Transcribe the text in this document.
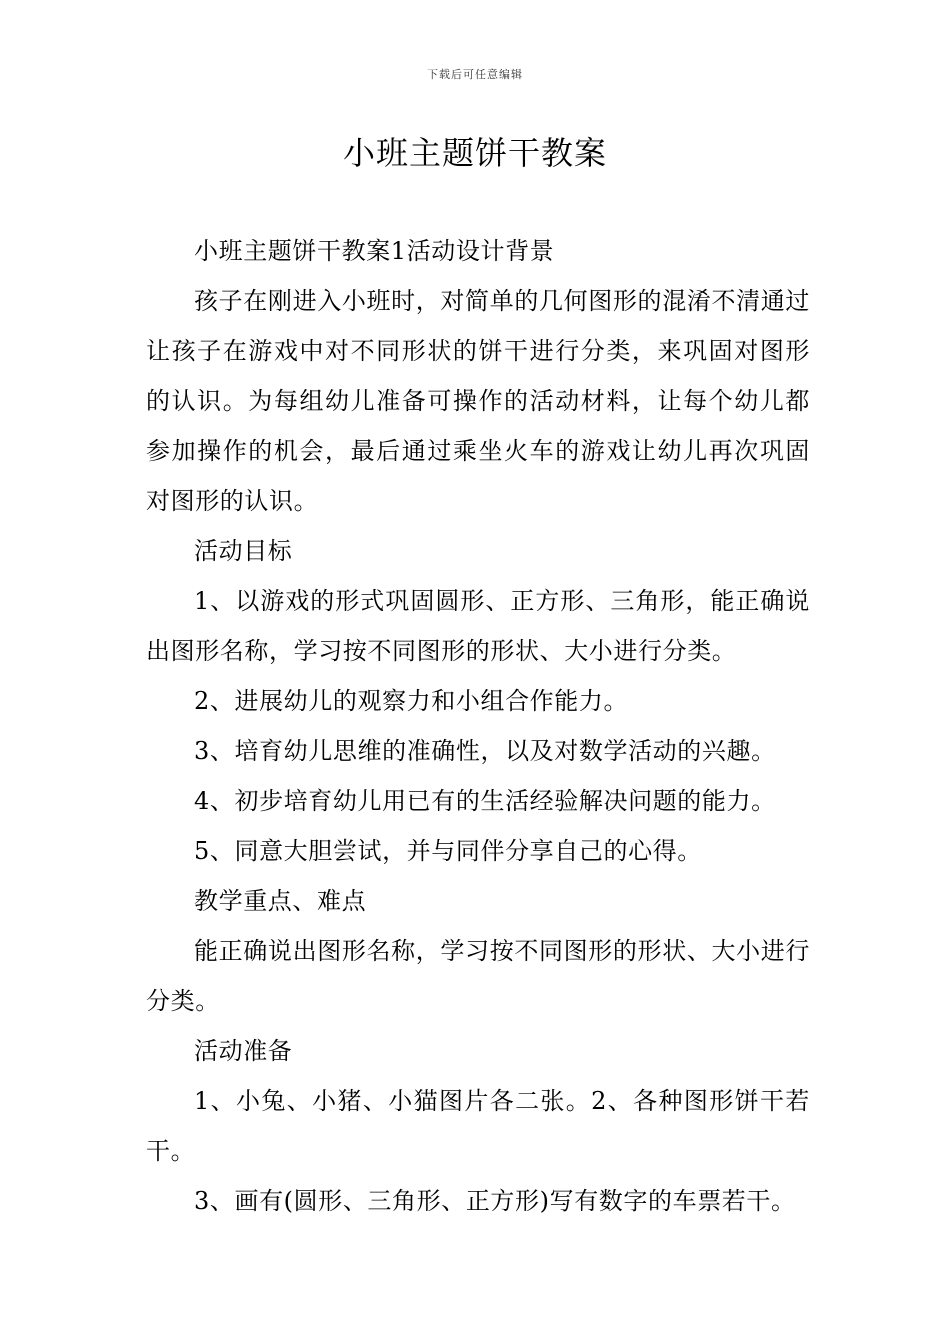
下载后可任意编辑
小班主题饼干教案

小班主题饼干教案1活动设计背景

孩子在刚进入小班时，对简单的几何图形的混淆不清通过让孩子在游戏中对不同形状的饼干进行分类，来巩固对图形的认识。为每组幼儿准备可操作的活动材料，让每个幼儿都参加操作的机会，最后通过乘坐火车的游戏让幼儿再次巩固对图形的认识。

活动目标

1、以游戏的形式巩固圆形、正方形、三角形，能正确说出图形名称，学习按不同图形的形状、大小进行分类。

2、进展幼儿的观察力和小组合作能力。

3、培育幼儿思维的准确性，以及对数学活动的兴趣。

4、初步培育幼儿用已有的生活经验解决问题的能力。

5、同意大胆尝试，并与同伴分享自己的心得。

教学重点、难点

能正确说出图形名称，学习按不同图形的形状、大小进行分类。

活动准备

1、小兔、小猪、小猫图片各二张。2、各种图形饼干若干。

3、画有(圆形、三角形、正方形)写有数字的车票若干。
